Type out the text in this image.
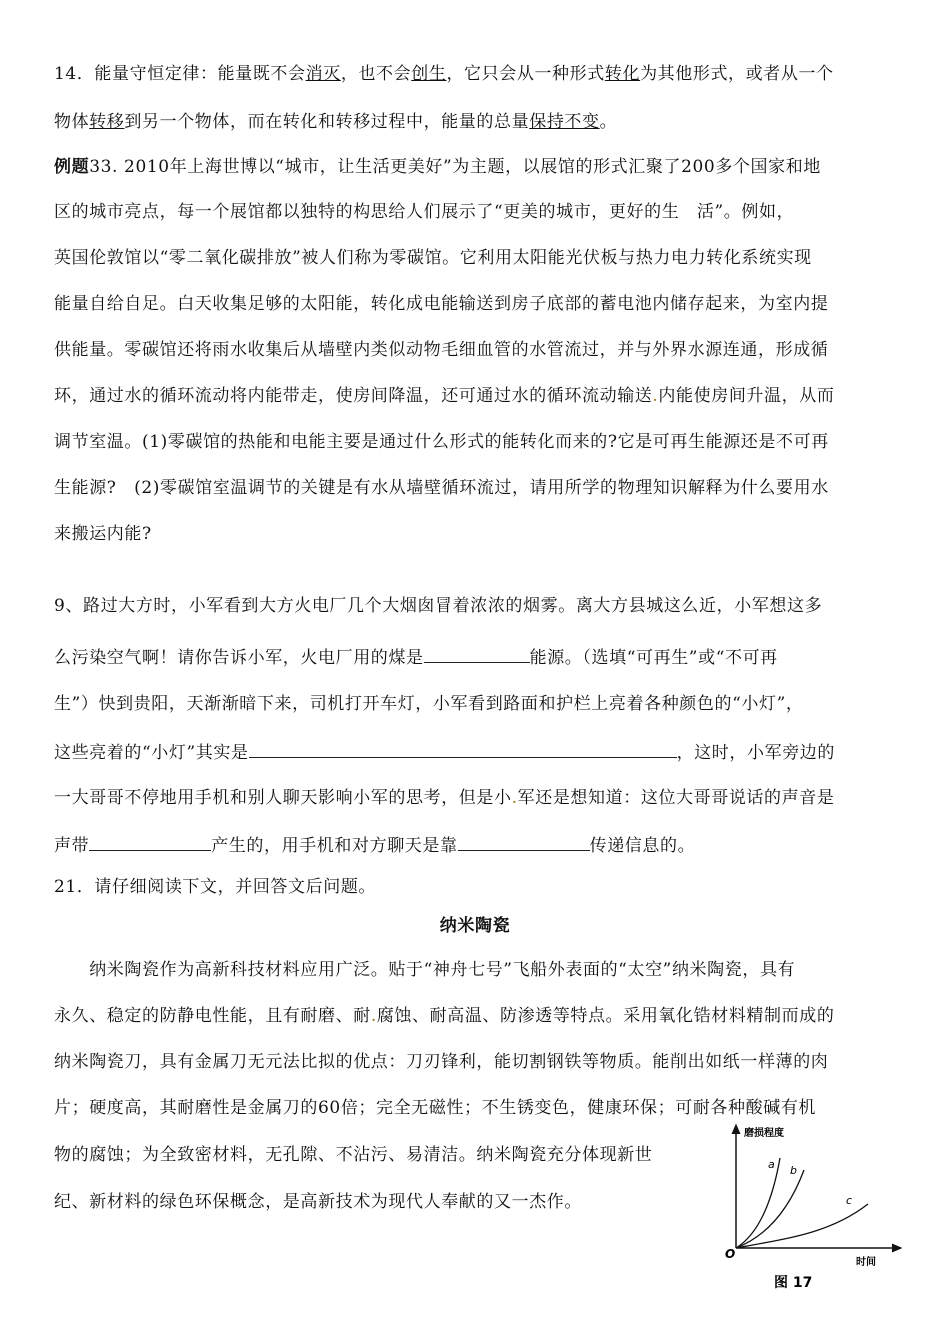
14．能量守恒定律：能量既不会消灭，也不会创生，它只会从一种形式转化为其他形式，或者从一个
物体转移到另一个物体，而在转化和转移过程中，能量的总量保持不变。
例题33. 2010年上海世博以“城市，让生活更美好”为主题，以展馆的形式汇聚了200多个国家和地
区的城市亮点，每一个展馆都以独特的构思给人们展示了“更美的城市，更好的生　活”。例如，
英国伦敦馆以“零二氧化碳排放”被人们称为零碳馆。它利用太阳能光伏板与热力电力转化系统实现
能量自给自足。白天收集足够的太阳能，转化成电能输送到房子底部的蓄电池内储存起来，为室内提
供能量。零碳馆还将雨水收集后从墙壁内类似动物毛细血管的水管流过，并与外界水源连通，形成循
环，通过水的循环流动将内能带走，使房间降温，还可通过水的循环流动输送.内能使房间升温，从而
调节室温。(1)零碳馆的热能和电能主要是通过什么形式的能转化而来的?它是可再生能源还是不可再
生能源?　(2)零碳馆室温调节的关键是有水从墙壁循环流过，请用所学的物理知识解释为什么要用水
来搬运内能?
9、路过大方时，小军看到大方火电厂几个大烟囱冒着浓浓的烟雾。离大方县城这么近，小军想这多
么污染空气啊！请你告诉小军，火电厂用的煤是	能源。（选填“可再生”或“不可再
生”）快到贵阳，天渐渐暗下来，司机打开车灯，小军看到路面和护栏上亮着各种颜色的“小灯”，
这些亮着的“小灯”其实是	，这时，小军旁边的
一大哥哥不停地用手机和别人聊天影响小军的思考，但是小.军还是想知道：这位大哥哥说话的声音是
声带	产生的，用手机和对方聊天是靠	传递信息的。
21．请仔细阅读下文，并回答文后问题。
纳米陶瓷
　　纳米陶瓷作为高新科技材料应用广泛。贴于“神舟七号”飞船外表面的“太空”纳米陶瓷，具有
永久、稳定的防静电性能，且有耐磨、耐.腐蚀、耐高温、防渗透等特点。采用氧化锆材料精制而成的
纳米陶瓷刀，具有金属刀无元法比拟的优点：刀刃锋利，能切割钢铁等物质。能削出如纸一样薄的肉
片；硬度高，其耐磨性是金属刀的60倍；完全无磁性；不生锈变色，健康环保；可耐各种酸碱有机
物的腐蚀；为全致密材料，无孔隙、不沾污、易清洁。纳米陶瓷充分体现新世
纪、新材料的绿色环保概念，是高新技术为现代人奉献的又一杰作。
磨损程度
时间
O
a b
c
图 17
